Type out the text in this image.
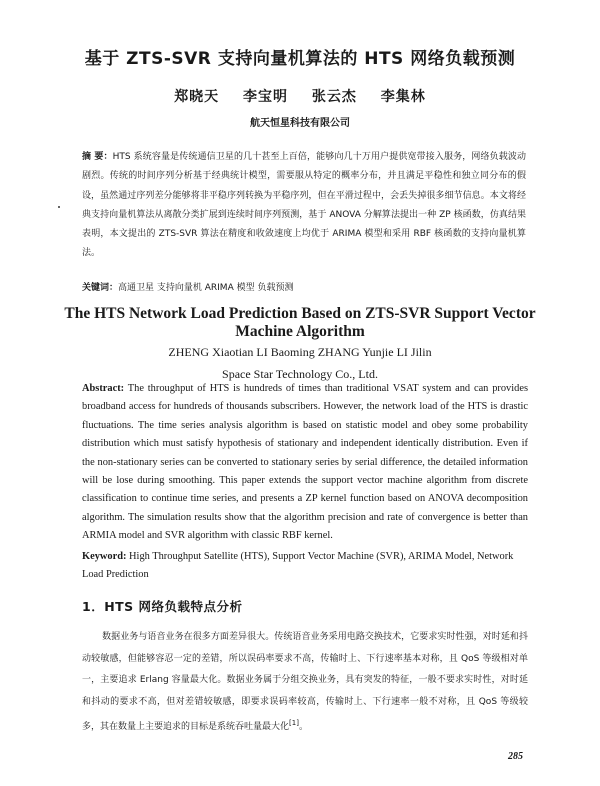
基于 ZTS-SVR 支持向量机算法的 HTS 网络负载预测
郑晓天 李宝明 张云杰 李集林
航天恒星科技有限公司
摘 要：HTS 系统容量是传统通信卫星的几十甚至上百倍，能够向几十万用户提供宽带接入服务，网络负载波动剧烈。传统的时间序列分析基于经典统计模型，需要服从特定的概率分布，并且满足平稳性和独立同分布的假设，虽然通过序列差分能够将非平稳序列转换为平稳序列，但在平滑过程中，会丢失掉很多细节信息。本文将经典支持向量机算法从离散分类扩展到连续时间序列预测，基于 ANOVA 分解算法提出一种 ZP 核函数，仿真结果表明，本文提出的 ZTS-SVR 算法在精度和收敛速度上均优于 ARIMA 模型和采用 RBF 核函数的支持向量机算法。
关键词：高通卫星 支持向量机 ARIMA 模型 负载预测
The HTS Network Load Prediction Based on ZTS-SVR Support Vector Machine Algorithm
ZHENG Xiaotian LI Baoming ZHANG Yunjie LI Jilin
Space Star Technology Co., Ltd.
Abstract: The throughput of HTS is hundreds of times than traditional VSAT system and can provides broadband access for hundreds of thousands subscribers. However, the network load of the HTS is drastic fluctuations. The time series analysis algorithm is based on statistic model and obey some probability distribution which must satisfy hypothesis of stationary and independent identically distribution. Even if the non-stationary series can be converted to stationary series by serial difference, the detailed information will be lose during smoothing. This paper extends the support vector machine algorithm from discrete classification to continue time series, and presents a ZP kernel function based on ANOVA decomposition algorithm. The simulation results show that the algorithm precision and rate of convergence is better than ARMIA model and SVR algorithm with classic RBF kernel.
Keyword: High Throughput Satellite (HTS), Support Vector Machine (SVR), ARIMA Model, Network Load Prediction
1．HTS 网络负载特点分析
数据业务与语音业务在很多方面差异很大。传统语音业务采用电路交换技术，它要求实时性强，对时延和抖动较敏感，但能够容忍一定的差错，所以误码率要求不高，传输时上、下行速率基本对称，且 QoS 等级相对单一，主要追求 Erlang 容量最大化。数据业务属于分组交换业务，具有突发的特征，一般不要求实时性，对时延和抖动的要求不高，但对差错较敏感，即要求误码率较高，传输时上、下行速率一般不对称，且 QoS 等级较多，其在数量上主要追求的目标是系统吞吐量最大化[1]。
285
